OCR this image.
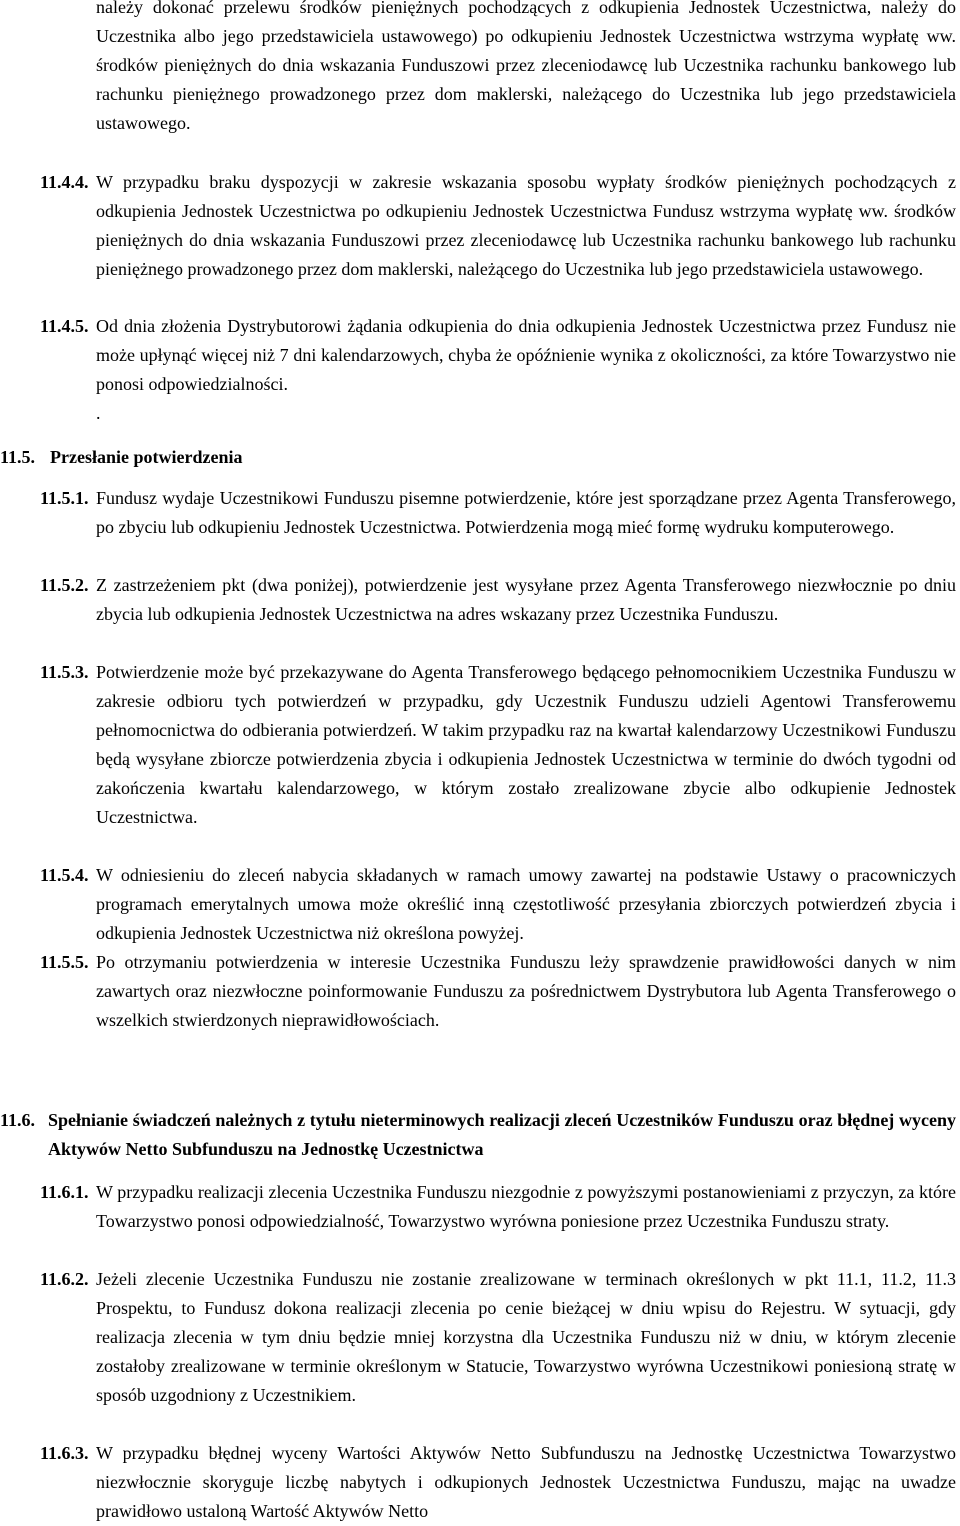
należy dokonać przelewu środków pieniężnych pochodzących z odkupienia Jednostek Uczestnictwa, należy do Uczestnika albo jego przedstawiciela ustawowego) po odkupieniu Jednostek Uczestnictwa wstrzyma wypłatę ww. środków pieniężnych do dnia wskazania Funduszowi przez zleceniodawcę lub Uczestnika rachunku bankowego lub rachunku pieniężnego prowadzonego przez dom maklerski, należącego do Uczestnika lub jego przedstawiciela ustawowego.
11.4.4. W przypadku braku dyspozycji w zakresie wskazania sposobu wypłaty środków pieniężnych pochodzących z odkupienia Jednostek Uczestnictwa po odkupieniu Jednostek Uczestnictwa Fundusz wstrzyma wypłatę ww. środków pieniężnych do dnia wskazania Funduszowi przez zleceniodawcę lub Uczestnika rachunku bankowego lub rachunku pieniężnego prowadzonego przez dom maklerski, należącego do Uczestnika lub jego przedstawiciela ustawowego.
11.4.5. Od dnia złożenia Dystrybutorowi żądania odkupienia do dnia odkupienia Jednostek Uczestnictwa przez Fundusz nie może upłynąć więcej niż 7 dni kalendarzowych, chyba że opóźnienie wynika z okoliczności, za które Towarzystwo nie ponosi odpowiedzialności.
.
11.5. Przesłanie potwierdzenia
11.5.1. Fundusz wydaje Uczestnikowi Funduszu pisemne potwierdzenie, które jest sporządzane przez Agenta Transferowego, po zbyciu lub odkupieniu Jednostek Uczestnictwa. Potwierdzenia mogą mieć formę wydruku komputerowego.
11.5.2. Z zastrzeżeniem pkt (dwa poniżej), potwierdzenie jest wysyłane przez Agenta Transferowego niezwłocznie po dniu zbycia lub odkupienia Jednostek Uczestnictwa na adres wskazany przez Uczestnika Funduszu.
11.5.3. Potwierdzenie może być przekazywane do Agenta Transferowego będącego pełnomocnikiem Uczestnika Funduszu w zakresie odbioru tych potwierdzeń w przypadku, gdy Uczestnik Funduszu udzieli Agentowi Transferowemu pełnomocnictwa do odbierania potwierdzeń. W takim przypadku raz na kwartał kalendarzowy Uczestnikowi Funduszu będą wysyłane zbiorcze potwierdzenia zbycia i odkupienia Jednostek Uczestnictwa w terminie do dwóch tygodni od zakończenia kwartału kalendarzowego, w którym zostało zrealizowane zbycie albo odkupienie Jednostek Uczestnictwa.
11.5.4. W odniesieniu do zleceń nabycia składanych w ramach umowy zawartej na podstawie Ustawy o pracowniczych programach emerytalnych umowa może określić inną częstotliwość przesyłania zbiorczych potwierdzeń zbycia i odkupienia Jednostek Uczestnictwa niż określona powyżej.
11.5.5. Po otrzymaniu potwierdzenia w interesie Uczestnika Funduszu leży sprawdzenie prawidłowości danych w nim zawartych oraz niezwłoczne poinformowanie Funduszu za pośrednictwem Dystrybutora lub Agenta Transferowego o wszelkich stwierdzonych nieprawidłowościach.
11.6. Spełnianie świadczeń należnych z tytułu nieterminowych realizacji zleceń Uczestników Funduszu oraz błędnej wyceny Aktywów Netto Subfunduszu na Jednostkę Uczestnictwa
11.6.1. W przypadku realizacji zlecenia Uczestnika Funduszu niezgodnie z powyższymi postanowieniami z przyczyn, za które Towarzystwo ponosi odpowiedzialność, Towarzystwo wyrówna poniesione przez Uczestnika Funduszu straty.
11.6.2. Jeżeli zlecenie Uczestnika Funduszu nie zostanie zrealizowane w terminach określonych w pkt 11.1, 11.2, 11.3 Prospektu, to Fundusz dokona realizacji zlecenia po cenie bieżącej w dniu wpisu do Rejestru. W sytuacji, gdy realizacja zlecenia w tym dniu będzie mniej korzystna dla Uczestnika Funduszu niż w dniu, w którym zlecenie zostałoby zrealizowane w terminie określonym w Statucie, Towarzystwo wyrówna Uczestnikowi poniesioną stratę w sposób uzgodniony z Uczestnikiem.
11.6.3. W przypadku błędnej wyceny Wartości Aktywów Netto Subfunduszu na Jednostkę Uczestnictwa Towarzystwo niezwłocznie skoryguje liczbę nabytych i odkupionych Jednostek Uczestnictwa Funduszu, mając na uwadze prawidłowo ustaloną Wartość Aktywów Netto
